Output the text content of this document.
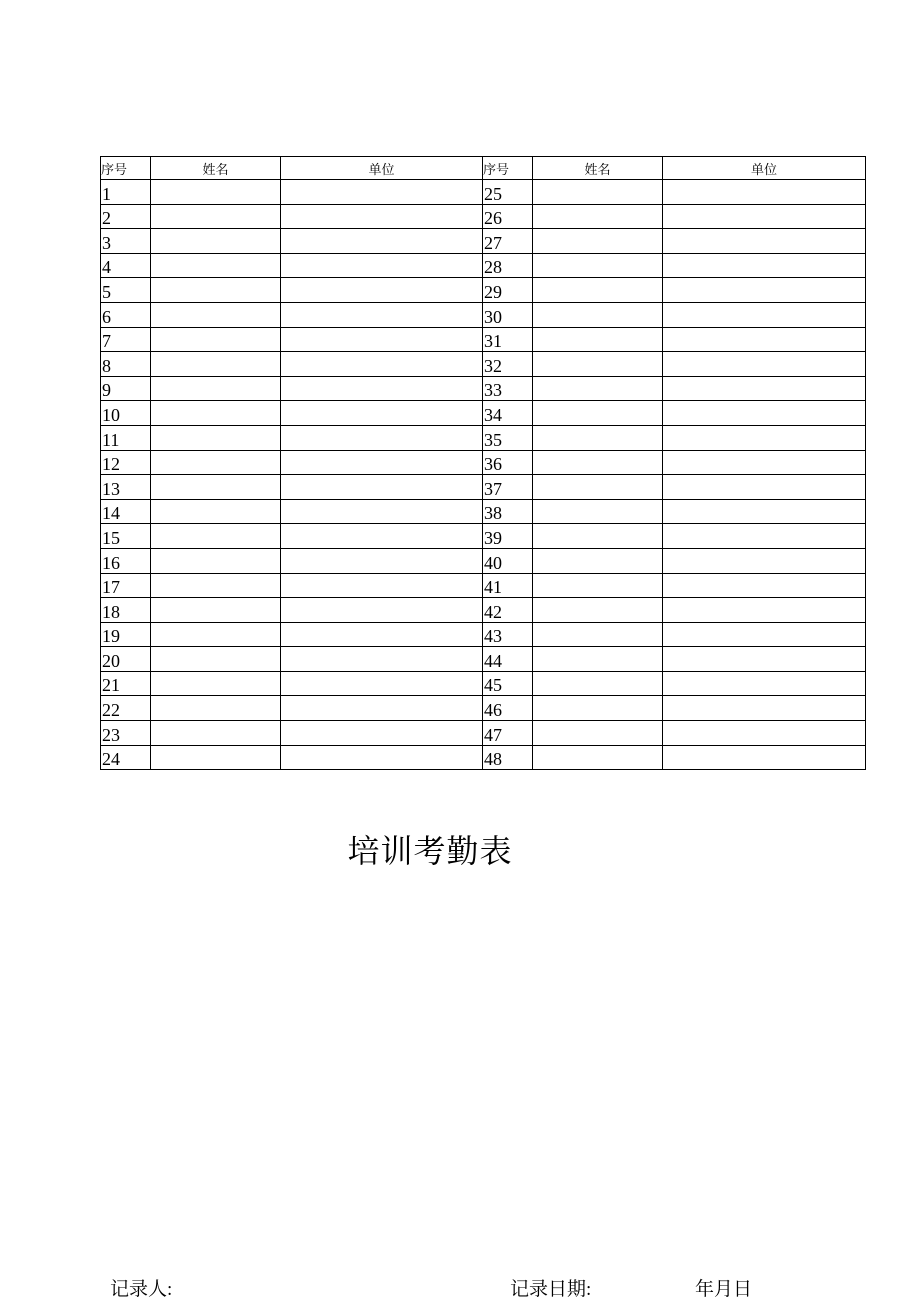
序号	姓名	单位	序号	姓名	单位
1			25		
2			26		
3			27		
4			28		
5			29		
6			30		
7			31		
8			32		
9			33		
10			34		
11			35		
12			36		
13			37		
14			38		
15			39		
16			40		
17			41		
18			42		
19			43		
20			44		
21			45		
22			46		
23			47		
24			48		
培训考勤表
记录人:	记录日期:	年月日
